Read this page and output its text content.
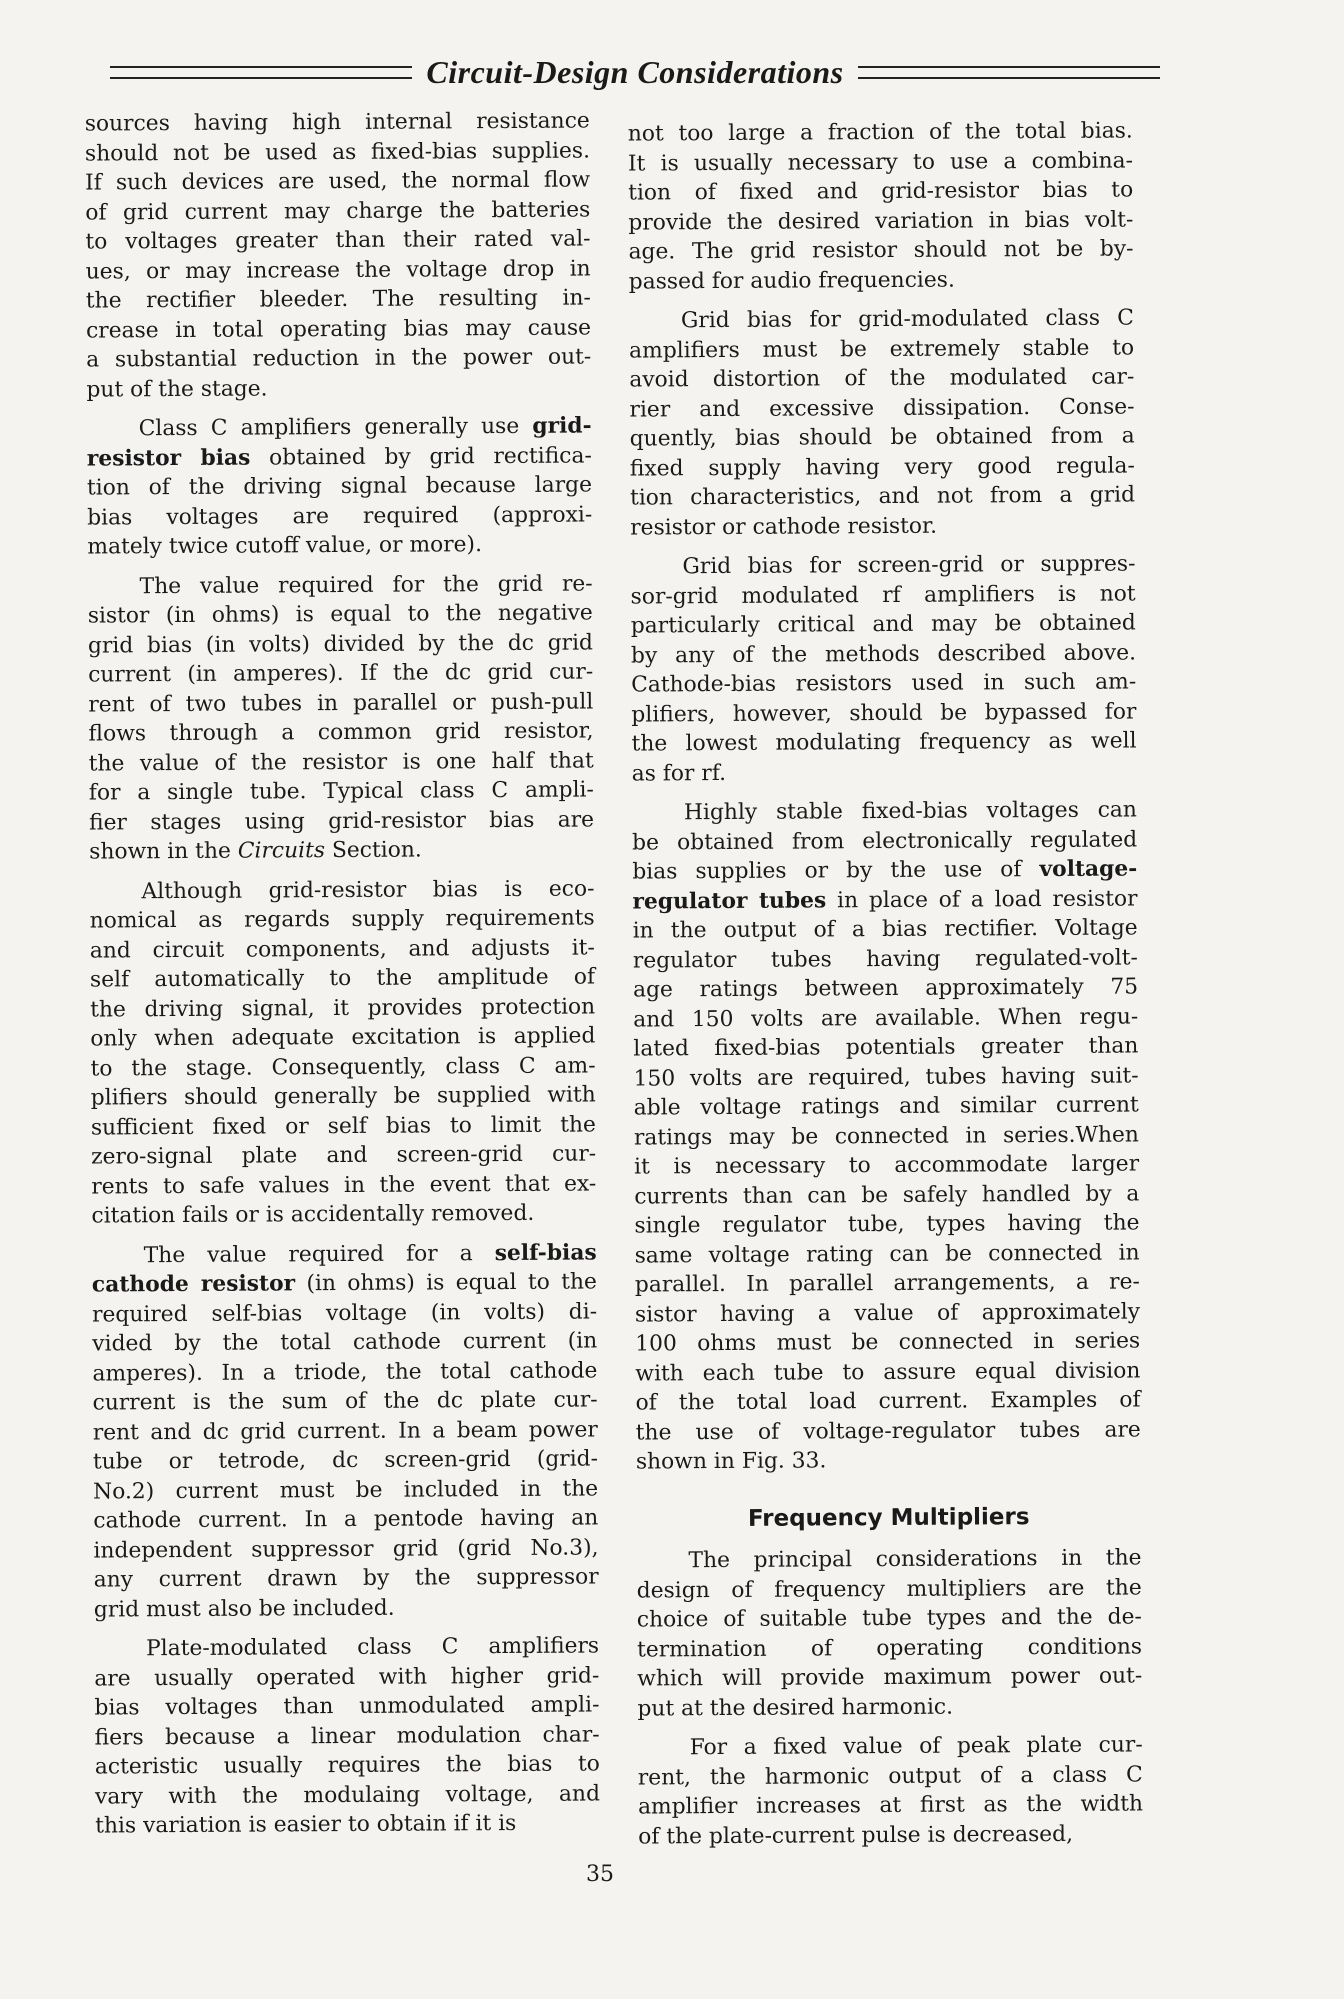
Circuit-Design Considerations
sources having high internal resistance
should not be used as fixed-bias supplies.
If such devices are used, the normal flow
of grid current may charge the batteries
to voltages greater than their rated val-
ues, or may increase the voltage drop in
the rectifier bleeder. The resulting in-
crease in total operating bias may cause
a substantial reduction in the power out-
put of the stage.
Class C amplifiers generally use grid-
resistor bias obtained by grid rectifica-
tion of the driving signal because large
bias voltages are required (approxi-
mately twice cutoff value, or more).
The value required for the grid re-
sistor (in ohms) is equal to the negative
grid bias (in volts) divided by the dc grid
current (in amperes). If the dc grid cur-
rent of two tubes in parallel or push-pull
flows through a common grid resistor,
the value of the resistor is one half that
for a single tube. Typical class C ampli-
fier stages using grid-resistor bias are
shown in the Circuits Section.
Although grid-resistor bias is eco-
nomical as regards supply requirements
and circuit components, and adjusts it-
self automatically to the amplitude of
the driving signal, it provides protection
only when adequate excitation is applied
to the stage. Consequently, class C am-
plifiers should generally be supplied with
sufficient fixed or self bias to limit the
zero-signal plate and screen-grid cur-
rents to safe values in the event that ex-
citation fails or is accidentally removed.
The value required for a self-bias
cathode resistor (in ohms) is equal to the
required self-bias voltage (in volts) di-
vided by the total cathode current (in
amperes). In a triode, the total cathode
current is the sum of the dc plate cur-
rent and dc grid current. In a beam power
tube or tetrode, dc screen-grid (grid-
No.2) current must be included in the
cathode current. In a pentode having an
independent suppressor grid (grid No.3),
any current drawn by the suppressor
grid must also be included.
Plate-modulated class C amplifiers
are usually operated with higher grid-
bias voltages than unmodulated ampli-
fiers because a linear modulation char-
acteristic usually requires the bias to
vary with the modulaing voltage, and
this variation is easier to obtain if it is
not too large a fraction of the total bias.
It is usually necessary to use a combina-
tion of fixed and grid-resistor bias to
provide the desired variation in bias volt-
age. The grid resistor should not be by-
passed for audio frequencies.
Grid bias for grid-modulated class C
amplifiers must be extremely stable to
avoid distortion of the modulated car-
rier and excessive dissipation. Conse-
quently, bias should be obtained from a
fixed supply having very good regula-
tion characteristics, and not from a grid
resistor or cathode resistor.
Grid bias for screen-grid or suppres-
sor-grid modulated rf amplifiers is not
particularly critical and may be obtained
by any of the methods described above.
Cathode-bias resistors used in such am-
plifiers, however, should be bypassed for
the lowest modulating frequency as well
as for rf.
Highly stable fixed-bias voltages can
be obtained from electronically regulated
bias supplies or by the use of voltage-
regulator tubes in place of a load resistor
in the output of a bias rectifier. Voltage
regulator tubes having regulated-volt-
age ratings between approximately 75
and 150 volts are available. When regu-
lated fixed-bias potentials greater than
150 volts are required, tubes having suit-
able voltage ratings and similar current
ratings may be connected in series.When
it is necessary to accommodate larger
currents than can be safely handled by a
single regulator tube, types having the
same voltage rating can be connected in
parallel. In parallel arrangements, a re-
sistor having a value of approximately
100 ohms must be connected in series
with each tube to assure equal division
of the total load current. Examples of
the use of voltage-regulator tubes are
shown in Fig. 33.
Frequency Multipliers
The principal considerations in the
design of frequency multipliers are the
choice of suitable tube types and the de-
termination of operating conditions
which will provide maximum power out-
put at the desired harmonic.
For a fixed value of peak plate cur-
rent, the harmonic output of a class C
amplifier increases at first as the width
of the plate-current pulse is decreased,
35
